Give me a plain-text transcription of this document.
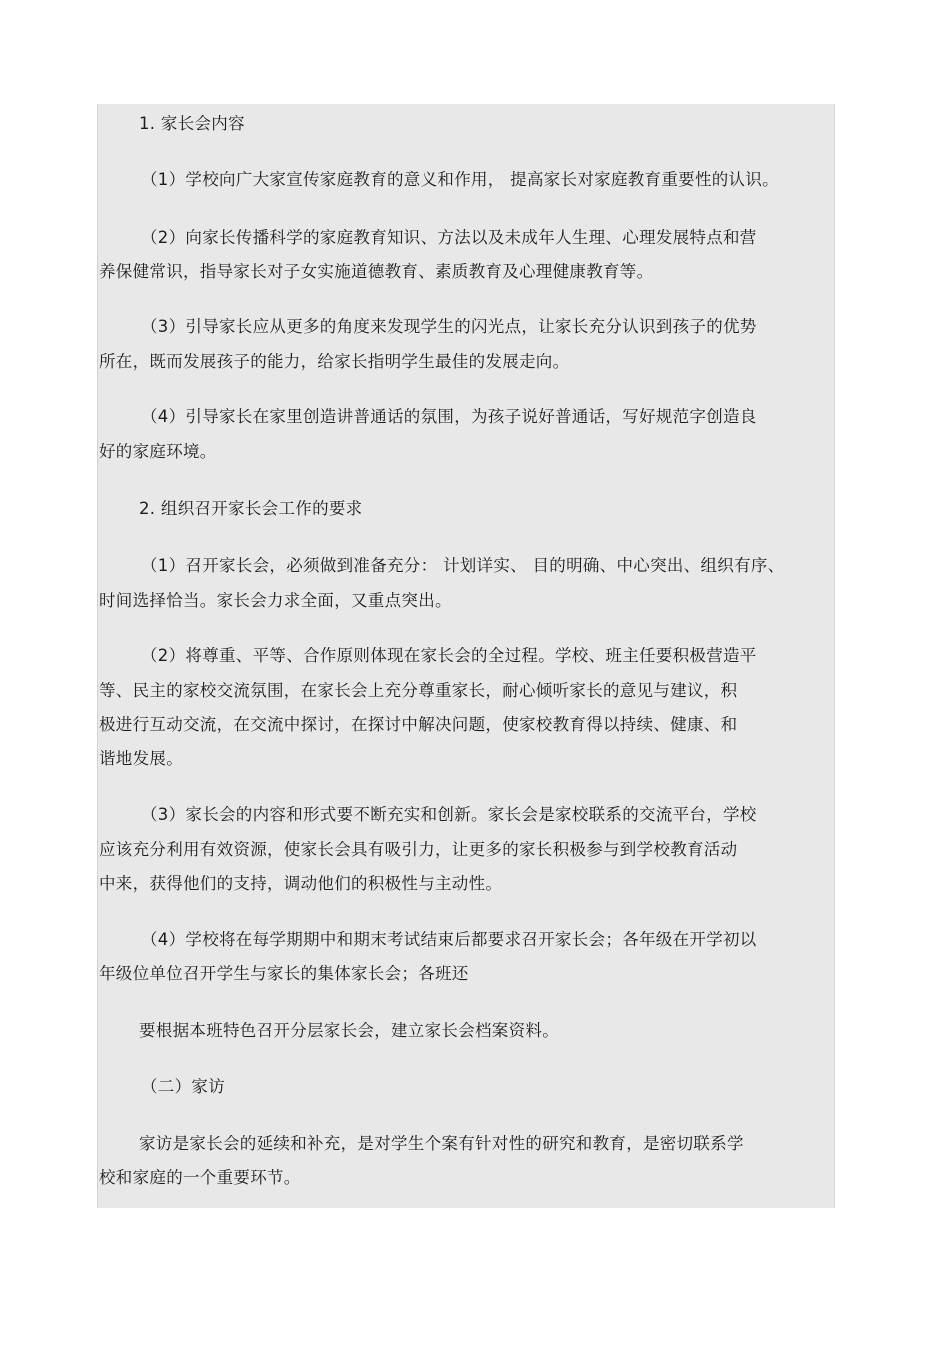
1. 家长会内容
（1）学校向广大家宣传家庭教育的意义和作用， 提高家长对家庭教育重要性的认识。
（2）向家长传播科学的家庭教育知识、方法以及未成年人生理、心理发展特点和营
养保健常识，指导家长对子女实施道德教育、素质教育及心理健康教育等。
（3）引导家长应从更多的角度来发现学生的闪光点，让家长充分认识到孩子的优势
所在，既而发展孩子的能力，给家长指明学生最佳的发展走向。
（4）引导家长在家里创造讲普通话的氛围，为孩子说好普通话，写好规范字创造良
好的家庭环境。
2. 组织召开家长会工作的要求
（1）召开家长会，必须做到准备充分： 计划详实、 目的明确、中心突出、组织有序、
时间选择恰当。家长会力求全面，又重点突出。
（2）将尊重、平等、合作原则体现在家长会的全过程。学校、班主任要积极营造平
等、民主的家校交流氛围，在家长会上充分尊重家长，耐心倾听家长的意见与建议，积
极进行互动交流，在交流中探讨，在探讨中解决问题，使家校教育得以持续、健康、和
谐地发展。
（3）家长会的内容和形式要不断充实和创新。家长会是家校联系的交流平台，学校
应该充分利用有效资源，使家长会具有吸引力，让更多的家长积极参与到学校教育活动
中来，获得他们的支持，调动他们的积极性与主动性。
（4）学校将在每学期期中和期末考试结束后都要求召开家长会；各年级在开学初以
年级位单位召开学生与家长的集体家长会；各班还
要根据本班特色召开分层家长会，建立家长会档案资料。
（二）家访
家访是家长会的延续和补充，是对学生个案有针对性的研究和教育，是密切联系学
校和家庭的一个重要环节。
